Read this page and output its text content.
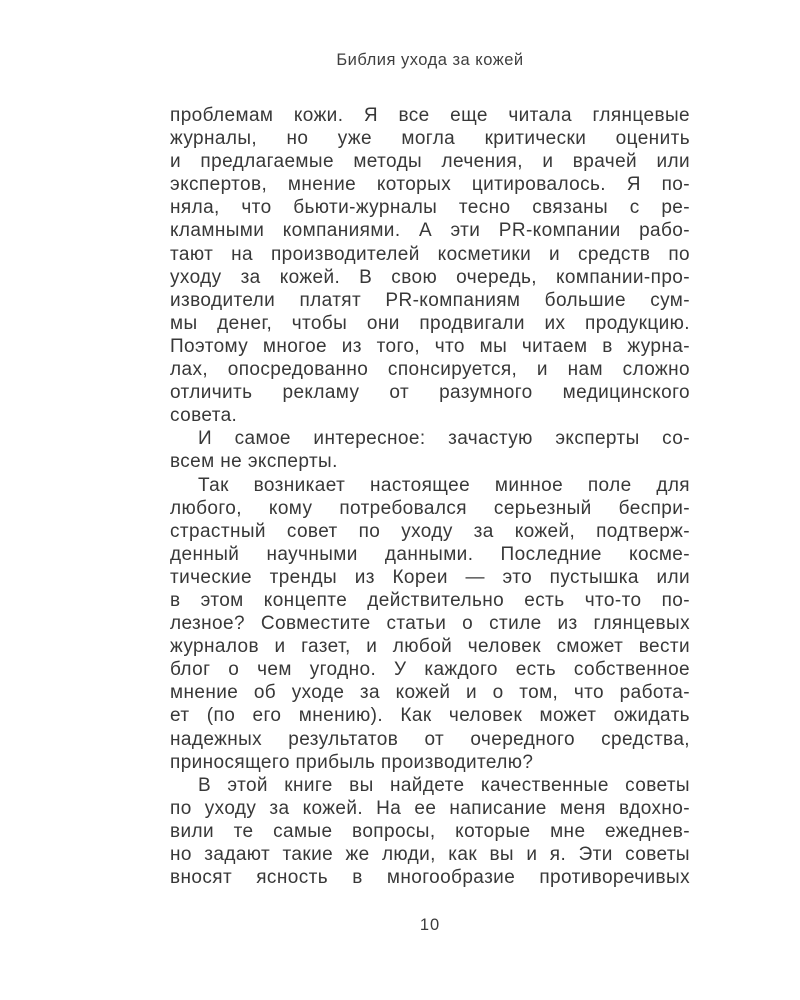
Библия ухода за кожей
проблемам кожи. Я все еще читала глянцевые
журналы, но уже могла критически оценить
и предлагаемые методы лечения, и врачей или
экспертов, мнение которых цитировалось. Я по-
няла, что бьюти-журналы тесно связаны с ре-
кламными компаниями. А эти PR-компании рабо-
тают на производителей косметики и средств по
уходу за кожей. В свою очередь, компании-про-
изводители платят PR-компаниям большие сум-
мы денег, чтобы они продвигали их продукцию.
Поэтому многое из того, что мы читаем в журна-
лах, опосредованно спонсируется, и нам сложно
отличить рекламу от разумного медицинского
совета.
И самое интересное: зачастую эксперты со-
всем не эксперты.
Так возникает настоящее минное поле для
любого, кому потребовался серьезный беспри-
страстный совет по уходу за кожей, подтверж-
денный научными данными. Последние косме-
тические тренды из Кореи — это пустышка или
в этом концепте действительно есть что-то по-
лезное? Совместите статьи о стиле из глянцевых
журналов и газет, и любой человек сможет вести
блог о чем угодно. У каждого есть собственное
мнение об уходе за кожей и о том, что работа-
ет (по его мнению). Как человек может ожидать
надежных результатов от очередного средства,
приносящего прибыль производителю?
В этой книге вы найдете качественные советы
по уходу за кожей. На ее написание меня вдохно-
вили те самые вопросы, которые мне ежеднев-
но задают такие же люди, как вы и я. Эти советы
вносят ясность в многообразие противоречивых
10
